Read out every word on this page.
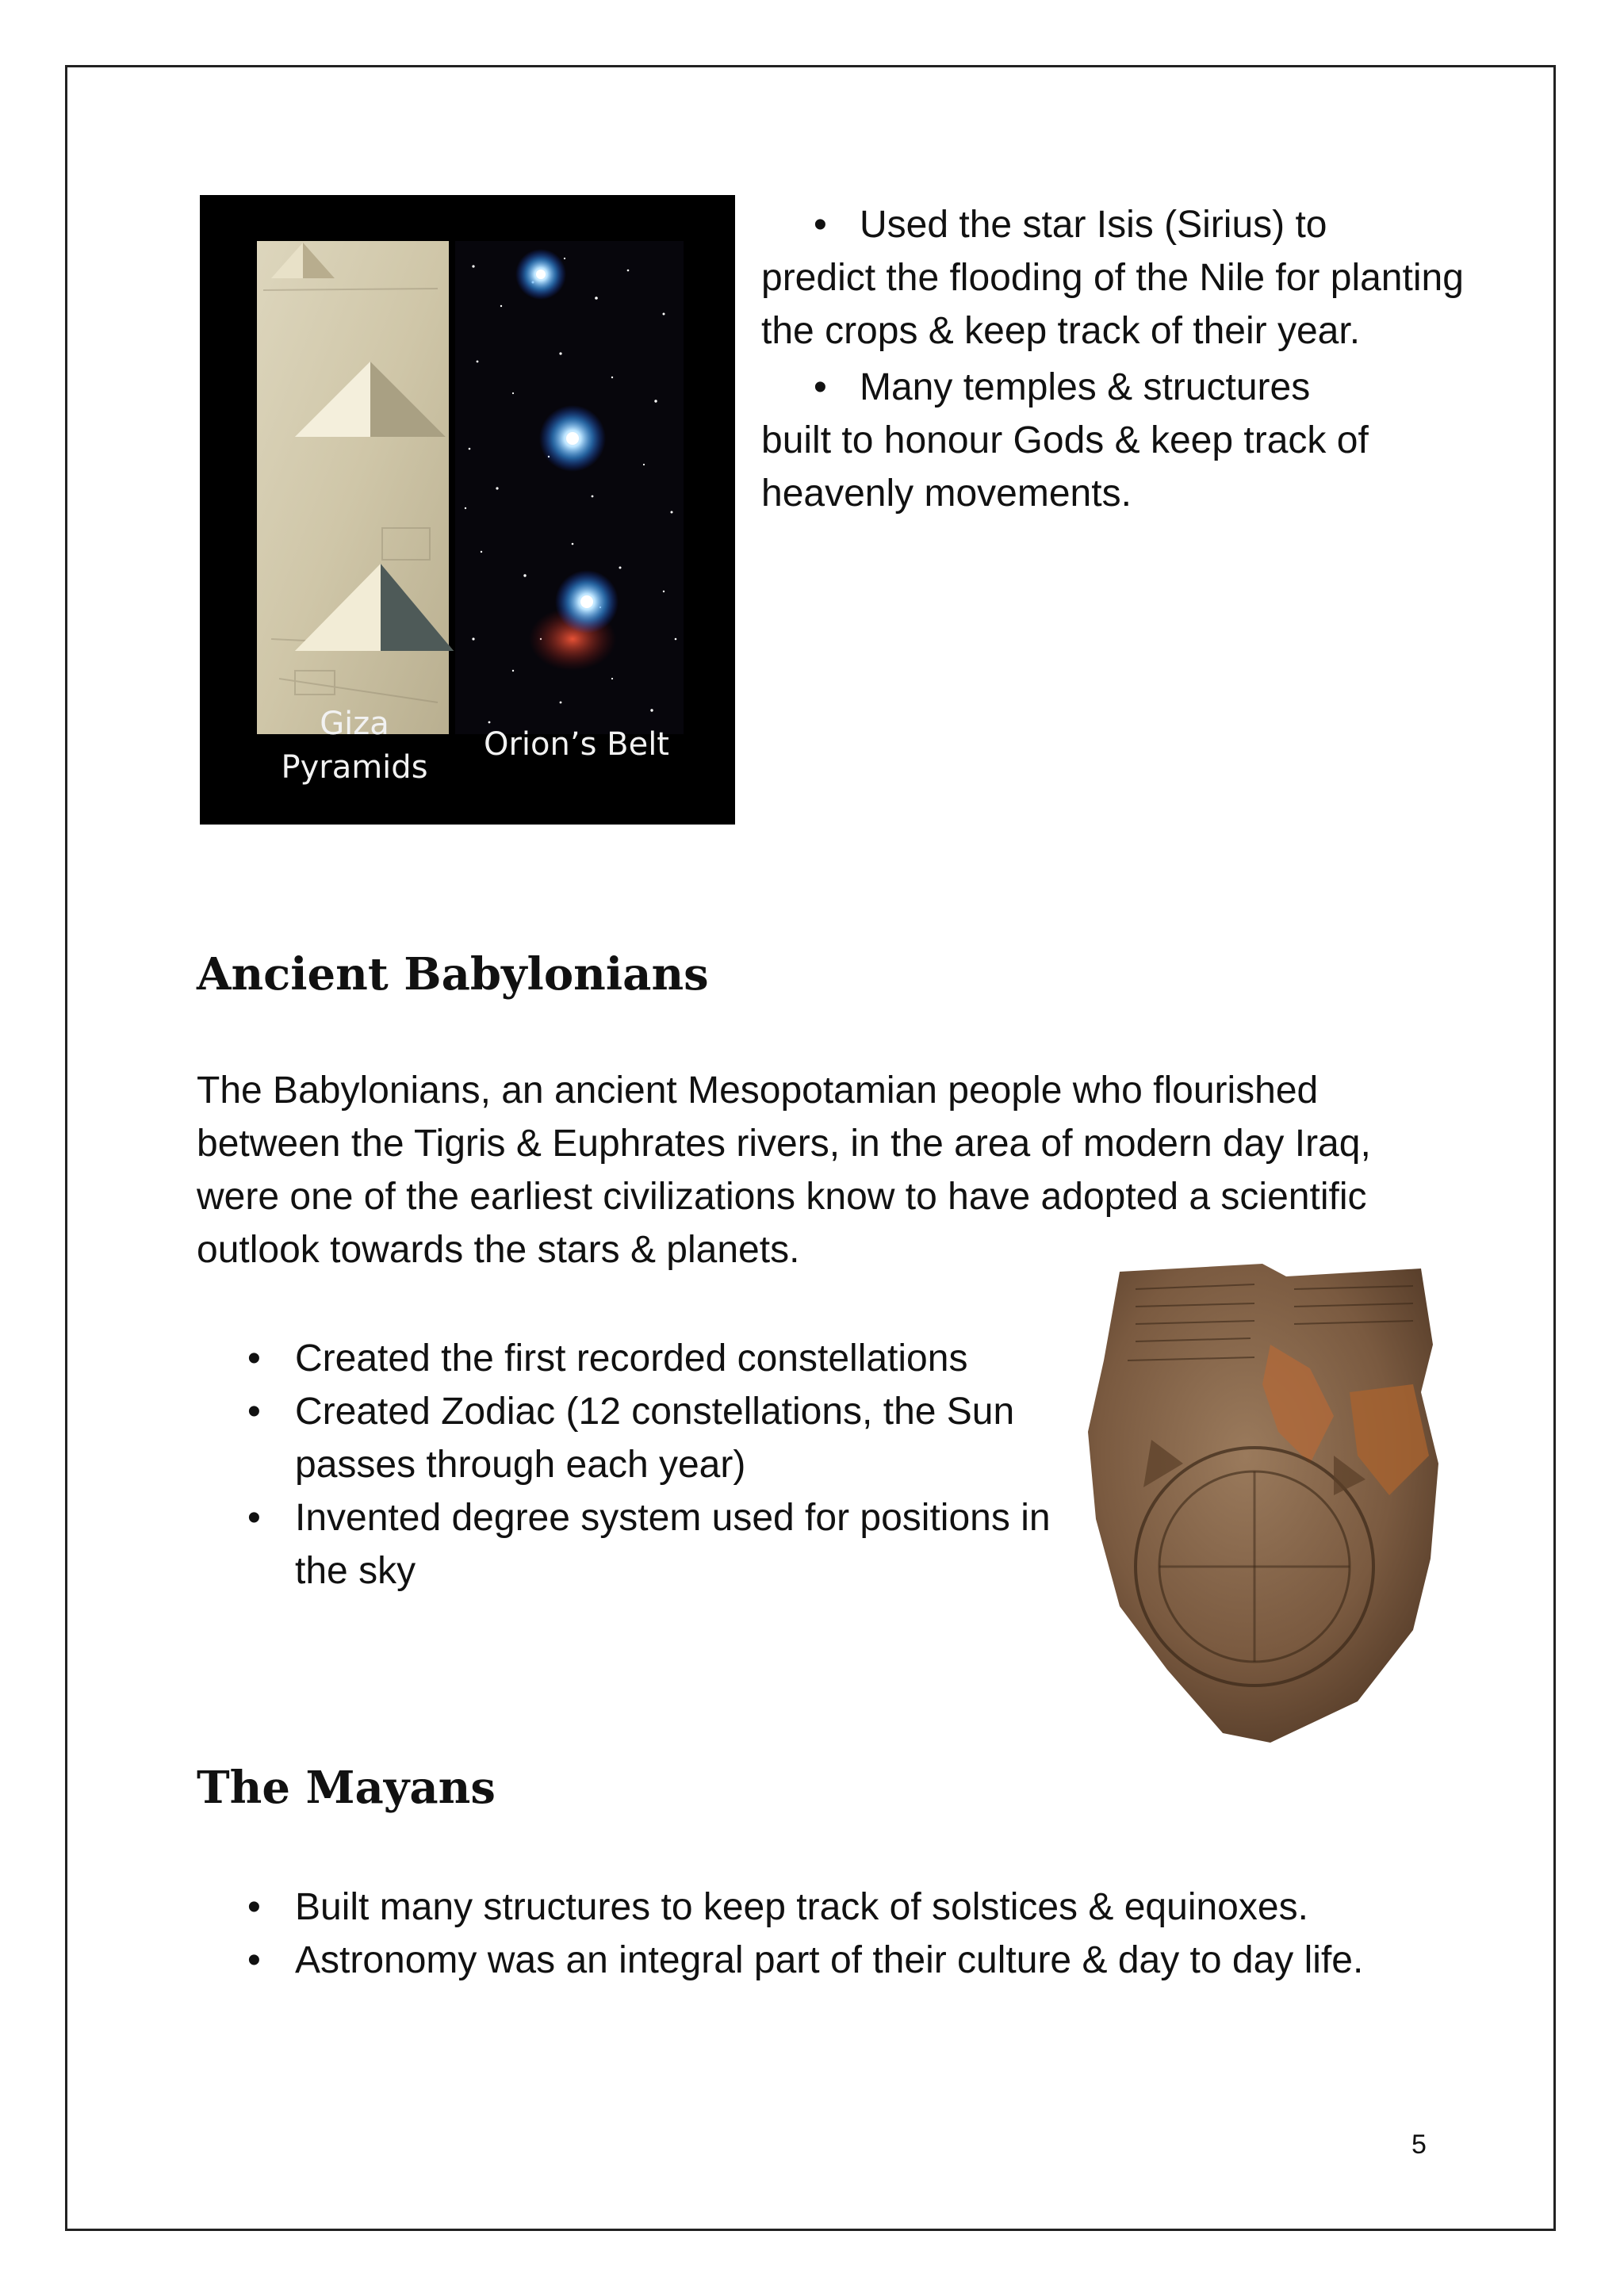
Giza
Pyramids
Orion’s Belt

• Used the star Isis (Sirius) to

predict the flooding of the Nile for planting the crops & keep track of their year.

• Many temples & structures

built to honour Gods & keep track of heavenly movements.

Ancient Babylonians

The Babylonians, an ancient Mesopotamian people who flourished between the Tigris & Euphrates rivers, in the area of modern day Iraq, were one of the earliest civilizations know to have adopted a scientific outlook towards the stars & planets.

• Created the first recorded constellations
• Created Zodiac (12 constellations, the Sun passes through each year)
• Invented degree system used for positions in the sky
The Mayans
• Built many structures to keep track of solstices & equinoxes.
• Astronomy was an integral part of their culture & day to day life.
5
